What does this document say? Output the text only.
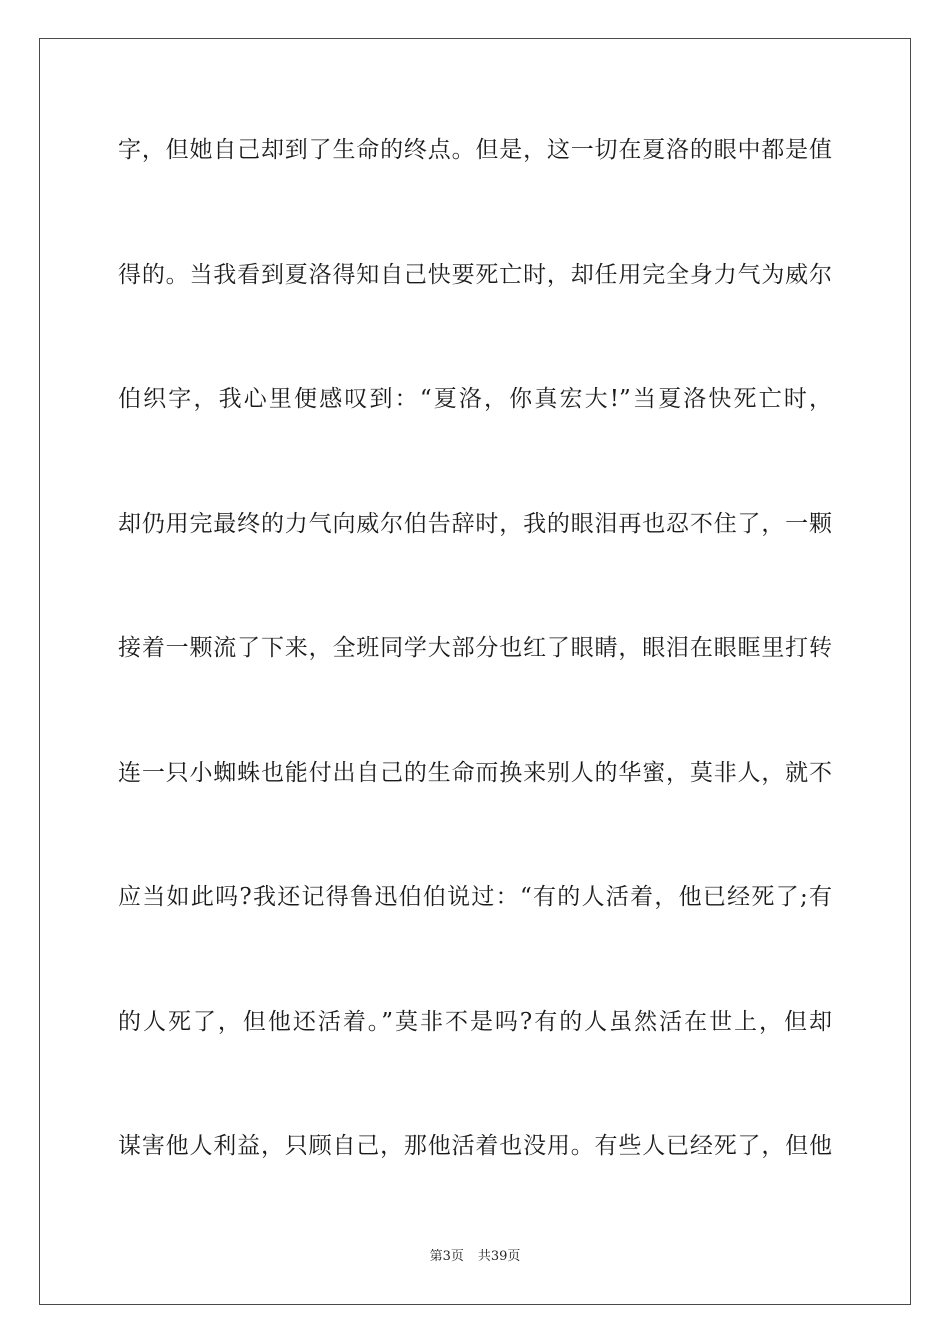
字，但她自己却到了生命的终点。但是，这一切在夏洛的眼中都是值
得的。当我看到夏洛得知自己快要死亡时，却任用完全身力气为威尔
伯织字，我心里便感叹到：“夏洛，你真宏大!”当夏洛快死亡时，
却仍用完最终的力气向威尔伯告辞时，我的眼泪再也忍不住了，一颗
接着一颗流了下来，全班同学大部分也红了眼睛，眼泪在眼眶里打转
连一只小蜘蛛也能付出自己的生命而换来别人的华蜜，莫非人，就不
应当如此吗?我还记得鲁迅伯伯说过：“有的人活着，他已经死了;有
的人死了，但他还活着。”莫非不是吗?有的人虽然活在世上，但却
谋害他人利益，只顾自己，那他活着也没用。有些人已经死了，但他
第3页 共39页
